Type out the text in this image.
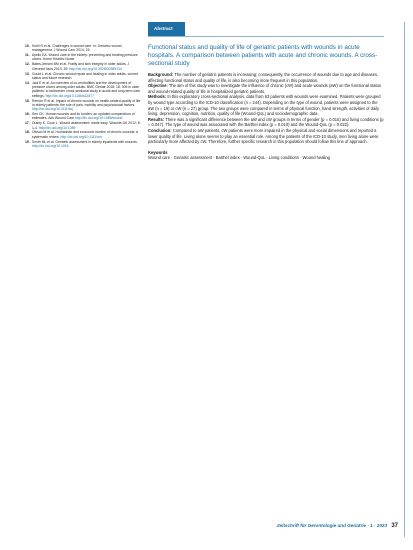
Abstract
10. Kohli R et al. Challenges in wound care. In: Geriatric wound management. J Wound Care 2014; 23:
11. Ayello EA. Wound care in the elderly: preventing and treating pressure ulcers. Home Healthc Nurse
12. Bates-Jensen BM et al. Frailty and skin integrity in older adults. J Gerontol Nurs 2013; 39: http://dx.doi.org/10.3928/00989134
13. Gould L et al. Chronic wound repair and healing in older adults: current status and future research.
14. Jaul E et al. An overview of co-morbidities and the development of pressure ulcers among older adults. BMC Geriatr 2018; 18: 305 in older patients: a multicenter cross-sectional study in acute and long-term care settings. http://dx.doi.org/10.1186/s12877
15. Renner R et al. Impact of chronic wounds on health-related quality of life in elderly patients: the role of pain, mobility and psychosocial factors. http://dx.doi.org/10.1111/iwj
16. Sen CK. Human wounds and its burden: an updated compendium of estimates. Adv Wound Care http://dx.doi.org/10.1089/wound
17. Ousey K, Cook L. Wound assessment: made easy. Wounds UK 2012; 8: 1-4. http://dx.doi.org/10.1089
18. Olsson M et al. Humanistic and economic burden of chronic wounds: a systematic review. http://dx.doi.org/10.1111/wrr
19. Smith ML et al. Geriatric assessment in elderly inpatients with wounds. http://dx.doi.org/10.1016
Functional status and quality of life of geriatric patients with wounds in acute hospitals. A comparison between patients with acute and chronic wounds. A cross-sectional study

Background: The number of geriatric patients is increasing; consequently, the occurrence of wounds due to age and diseases, affecting functional status and quality of life, is also becoming more frequent in this population.

Objective: The aim of this study was to investigate the influence of chronic (cW) and acute wounds (aW) on the functional status and wound-related quality of life in hospitalized geriatric patients.

Methods: In this exploratory cross-sectional analysis, data from 63 patients with wounds were examined. Patients were grouped by wound type according to the ICD-10 classification (n = 244). Depending on the type of wound, patients were assigned to the aW (n = 19) or cW (n = 27) group. The two groups were compared in terms of physical function, hand strength, activities of daily living, depression, cognition, nutrition, quality of life (Wound-QoL) and sociodemographic data.

Results: There was a significant difference between the aW and cW groups in terms of gender (p = 0.016) and living conditions (p = 0.047). The type of wound was associated with the Barthel index (p = 0.010) and the Wound-QoL (p = 0.022).

Conclusion: Compared to aW patients, cW patients were more impaired in the physical and social dimensions and reported a lower quality of life. Living alone seems to play an essential role. Among the patients of the ICD-10 study, men living alone were particularly more affected by cW. Therefore, further specific research in this population should follow this line of approach.

Keywords
Wound care · Geriatric assessment · Barthel index · Wound-QoL · Living conditions · Wound healing
Zeitschrift für Gerontologie und Geriatrie · 1 · 2023 37
